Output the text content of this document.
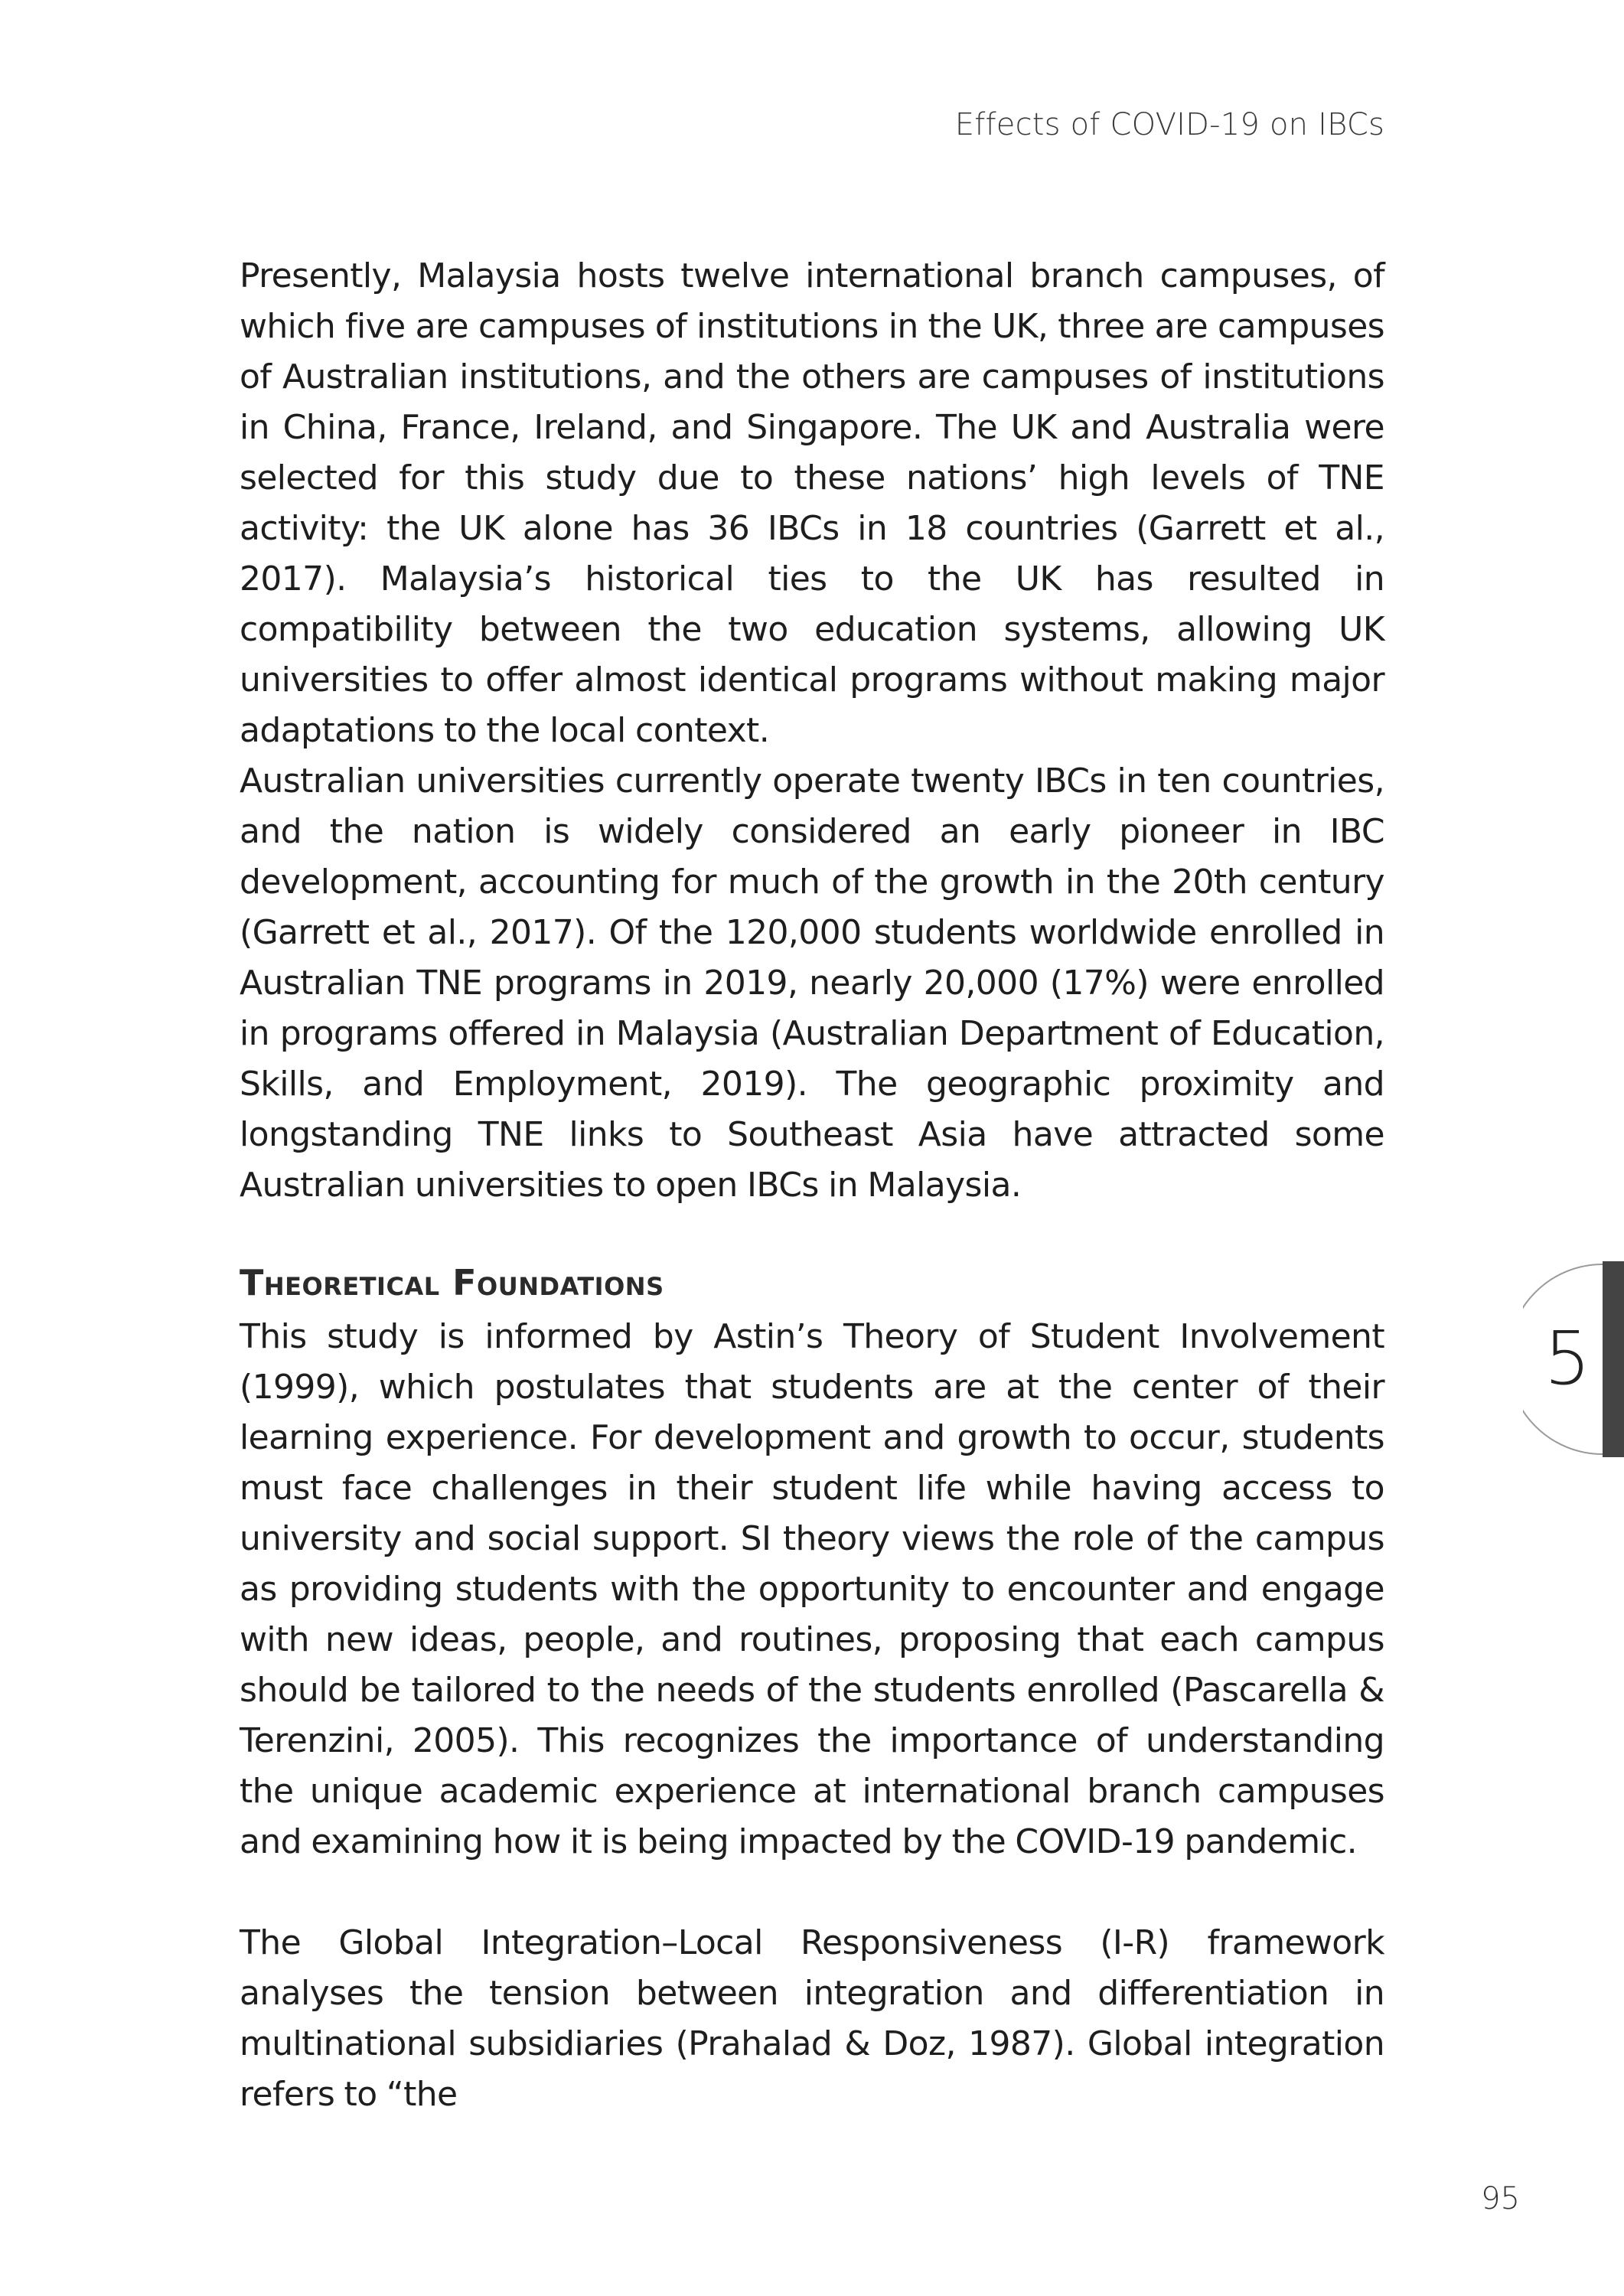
Effects of COVID-19 on IBCs

Presently, Malaysia hosts twelve international branch campuses, of which five are campuses of institutions in the UK, three are campuses of Australian institutions, and the others are campuses of institutions in China, France, Ireland, and Singapore. The UK and Australia were selected for this study due to these nations’ high levels of TNE activity: the UK alone has 36 IBCs in 18 countries (Garrett et al., 2017). Malaysia’s historical ties to the UK has resulted in compatibility between the two education systems, allowing UK universities to offer almost identical programs without making major adaptations to the local context.

Australian universities currently operate twenty IBCs in ten countries, and the nation is widely considered an early pioneer in IBC development, accounting for much of the growth in the 20th century (Garrett et al., 2017). Of the 120,000 students worldwide enrolled in Australian TNE programs in 2019, nearly 20,000 (17%) were enrolled in programs offered in Malaysia (Australian Department of Education, Skills, and Employment, 2019). The geographic proximity and longstanding TNE links to Southeast Asia have attracted some Australian universities to open IBCs in Malaysia.

Theoretical Foundations

This study is informed by Astin’s Theory of Student Involvement (1999), which postulates that students are at the center of their learning experience. For development and growth to occur, students must face challenges in their student life while having access to university and social support. SI theory views the role of the campus as providing students with the opportunity to encounter and engage with new ideas, people, and routines, proposing that each campus should be tailored to the needs of the students enrolled (Pascarella & Terenzini, 2005). This recognizes the importance of understanding the unique academic experience at international branch campuses and examining how it is being impacted by the COVID-19 pandemic.

The Global Integration–Local Responsiveness (I-R) framework analyses the tension between integration and differentiation in multinational subsidiaries (Prahalad & Doz, 1987). Global integration refers to “the

5
95
